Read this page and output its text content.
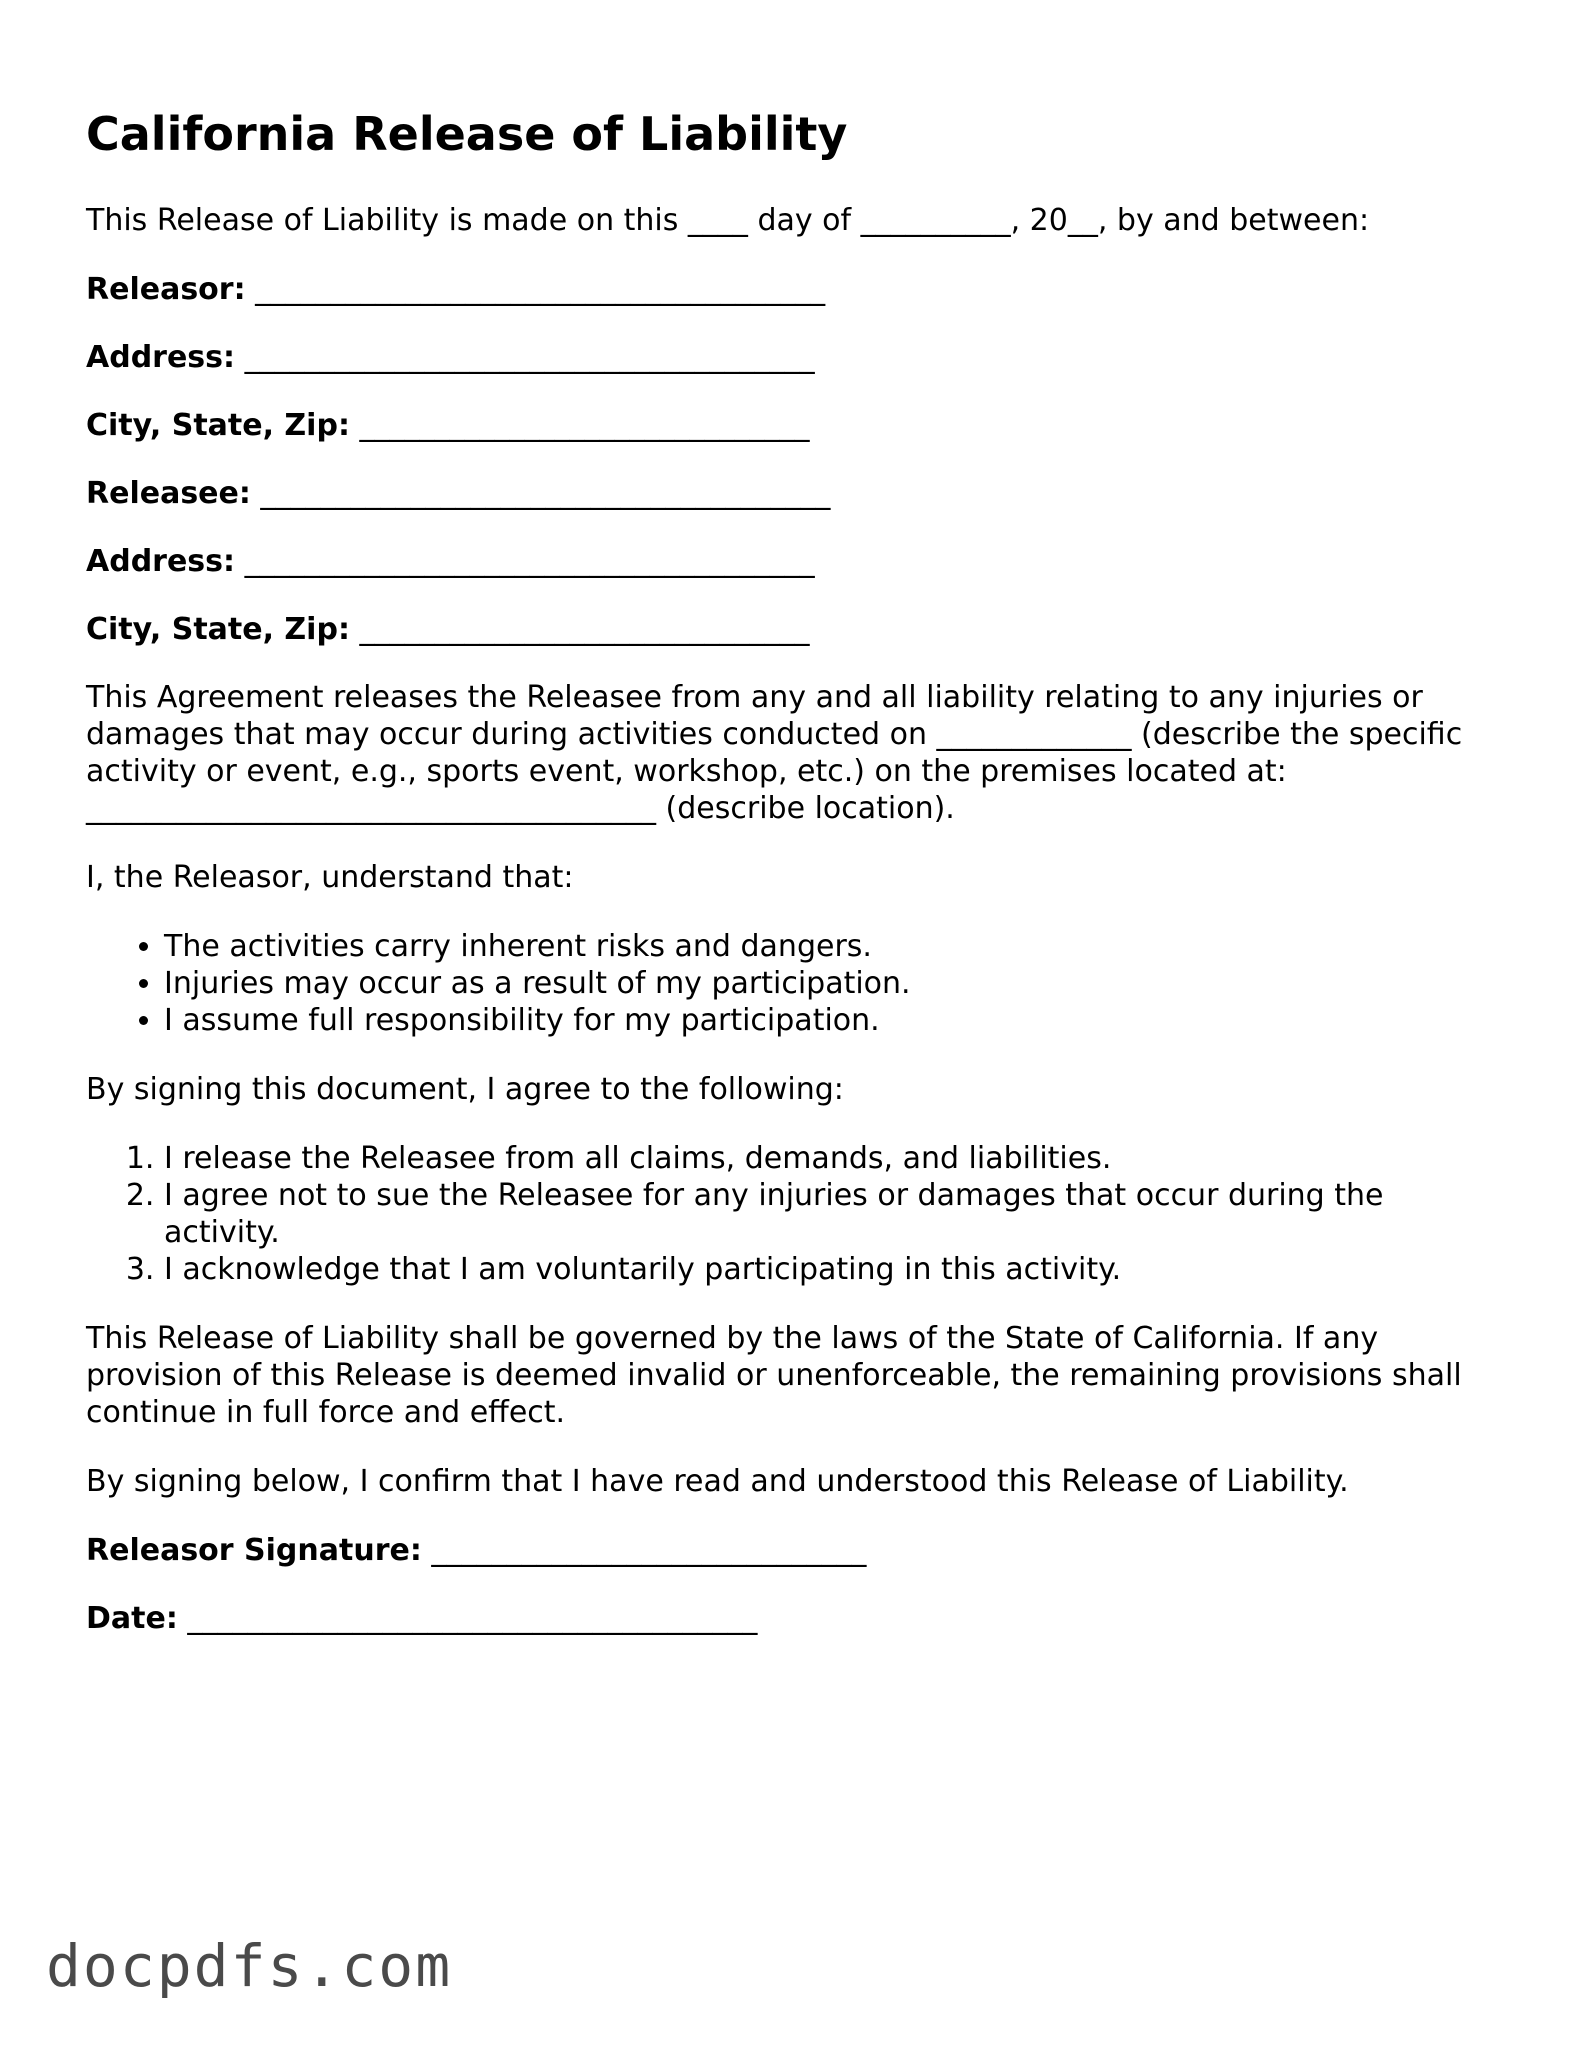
California Release of Liability

This Release of Liability is made on this ____ day of __________, 20__, by and between:

Releasor: ______________________________________
Address: ______________________________________
City, State, Zip: ______________________________
Releasee: ______________________________________
Address: ______________________________________
City, State, Zip: ______________________________

This Agreement releases the Releasee from any and all liability relating to any injuries or damages that may occur during activities conducted on _____________ (describe the specific activity or event, e.g., sports event, workshop, etc.) on the premises located at: ______________________________________ (describe location).

I, the Releasor, understand that:

• The activities carry inherent risks and dangers.
• Injuries may occur as a result of my participation.
• I assume full responsibility for my participation.

By signing this document, I agree to the following:

1. I release the Releasee from all claims, demands, and liabilities.
2. I agree not to sue the Releasee for any injuries or damages that occur during the activity.
3. I acknowledge that I am voluntarily participating in this activity.

This Release of Liability shall be governed by the laws of the State of California. If any provision of this Release is deemed invalid or unenforceable, the remaining provisions shall continue in full force and effect.

By signing below, I confirm that I have read and understood this Release of Liability.

Releasor Signature: _____________________________
Date: ______________________________________
docpdfs.com
